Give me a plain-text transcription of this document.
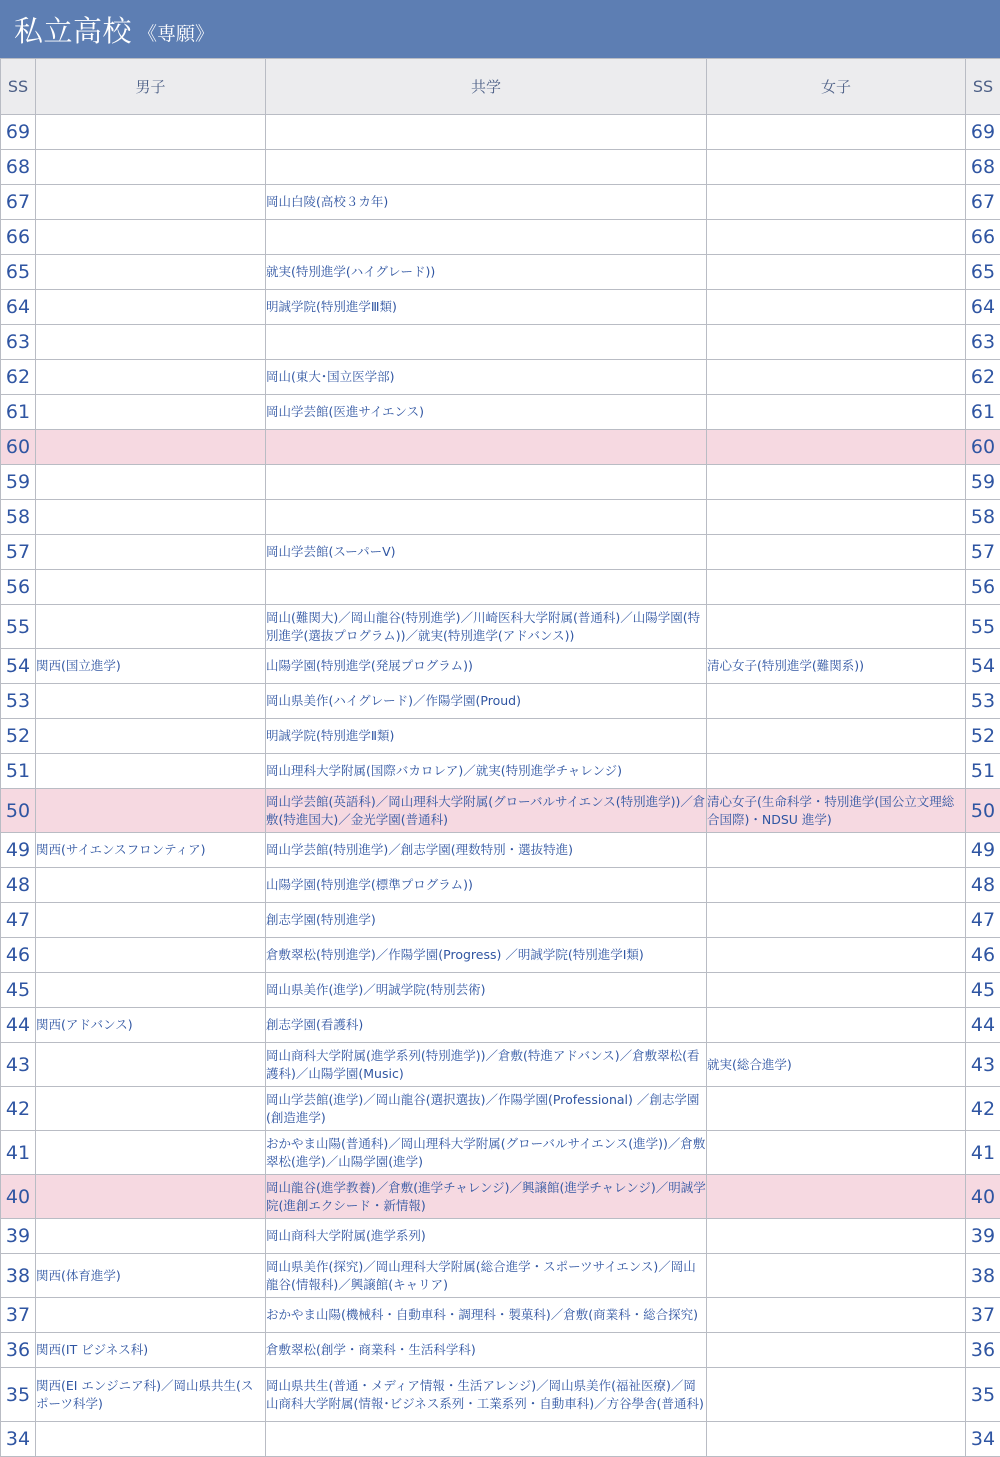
私立高校 《専願》
SS	男子	共学	女子	SS
69				69
68				68
67		岡山白陵(高校３カ年)		67
66				66
65		就実(特別進学(ハイグレード))		65
64		明誠学院(特別進学Ⅲ類)		64
63				63
62		岡山(東大･国立医学部)		62
61		岡山学芸館(医進サイエンス)		61
60				60
59				59
58				58
57		岡山学芸館(スーパーⅤ)		57
56				56
55		岡山(難関大)／岡山龍谷(特別進学)／川崎医科大学附属(普通科)／山陽学園(特別進学(選抜プログラム))／就実(特別進学(アドバンス))		55
54	関西(国立進学)	山陽学園(特別進学(発展プログラム))	清心女子(特別進学(難関系))	54
53		岡山県美作(ハイグレード)／作陽学園(Proud)		53
52		明誠学院(特別進学Ⅱ類)		52
51		岡山理科大学附属(国際バカロレア)／就実(特別進学チャレンジ)		51
50		岡山学芸館(英語科)／岡山理科大学附属(グローバルサイエンス(特別進学))／倉敷(特進国大)／金光学園(普通科)	清心女子(生命科学・特別進学(国公立文理総合国際)・NDSU 進学)	50
49	関西(サイエンスフロンティア)	岡山学芸館(特別進学)／創志学園(理数特別・選抜特進)		49
48		山陽学園(特別進学(標準プログラム))		48
47		創志学園(特別進学)		47
46		倉敷翠松(特別進学)／作陽学園(Progress) ／明誠学院(特別進学Ⅰ類)		46
45		岡山県美作(進学)／明誠学院(特別芸術)		45
44	関西(アドバンス)	創志学園(看護科)		44
43		岡山商科大学附属(進学系列(特別進学))／倉敷(特進アドバンス)／倉敷翠松(看護科)／山陽学園(Music)	就実(総合進学)	43
42		岡山学芸館(進学)／岡山龍谷(選択選抜)／作陽学園(Professional) ／創志学園(創造進学)		42
41		おかやま山陽(普通科)／岡山理科大学附属(グローバルサイエンス(進学))／倉敷翠松(進学)／山陽学園(進学)		41
40		岡山龍谷(進学教養)／倉敷(進学チャレンジ)／興譲館(進学チャレンジ)／明誠学院(進創エクシード・新情報)		40
39		岡山商科大学附属(進学系列)		39
38	関西(体育進学)	岡山県美作(探究)／岡山理科大学附属(総合進学・スポーツサイエンス)／岡山龍谷(情報科)／興譲館(キャリア)		38
37		おかやま山陽(機械科・自動車科・調理科・製菓科)／倉敷(商業科・総合探究)		37
36	関西(IT ビジネス科)	倉敷翠松(創学・商業科・生活科学科)		36
35	関西(EI エンジニア科)／岡山県共生(スポーツ科学)	岡山県共生(普通・メディア情報・生活アレンジ)／岡山県美作(福祉医療)／岡山商科大学附属(情報･ビジネス系列・工業系列・自動車科)／方谷學舎(普通科)		35
34				34
